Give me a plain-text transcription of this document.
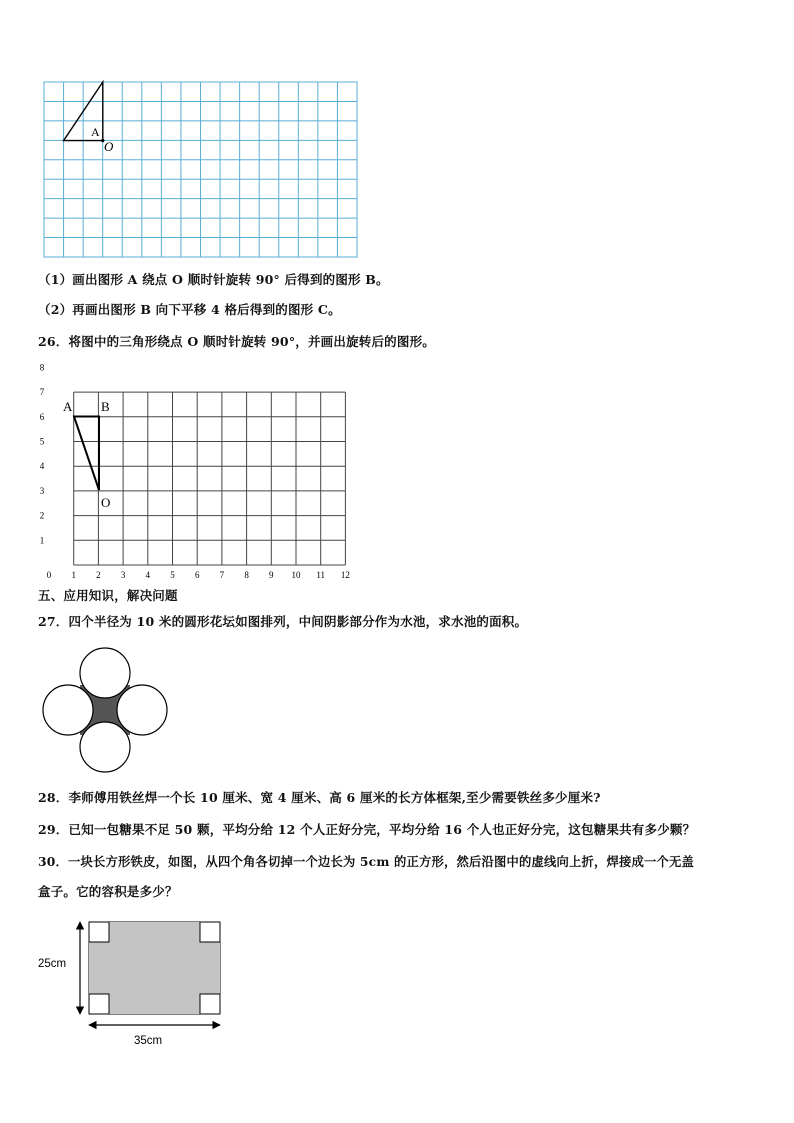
A
O
（1）画出图形 A 绕点 O 顺时针旋转 90° 后得到的图形 B。
（2）再画出图形 B 向下平移 4 格后得到的图形 C。
26．将图中的三角形绕点 O 顺时针旋转 90°，并画出旋转后的图形。
0 1 2 3 4 5 6 7 8 9 10 11 12
1
2
3
4
5
6
7
8
A B
O
五、应用知识，解决问题
27．四个半径为 10 米的圆形花坛如图排列，中间阴影部分作为水池，求水池的面积。
28．李师傅用铁丝焊一个长 10 厘米、宽 4 厘米、高 6 厘米的长方体框架,至少需要铁丝多少厘米?
29．已知一包糖果不足 50 颗，平均分给 12 个人正好分完，平均分给 16 个人也正好分完，这包糖果共有多少颗？
30．一块长方形铁皮，如图，从四个角各切掉一个边长为 5cm 的正方形，然后沿图中的虚线向上折，焊接成一个无盖
盒子。它的容积是多少？
25cm
35cm
